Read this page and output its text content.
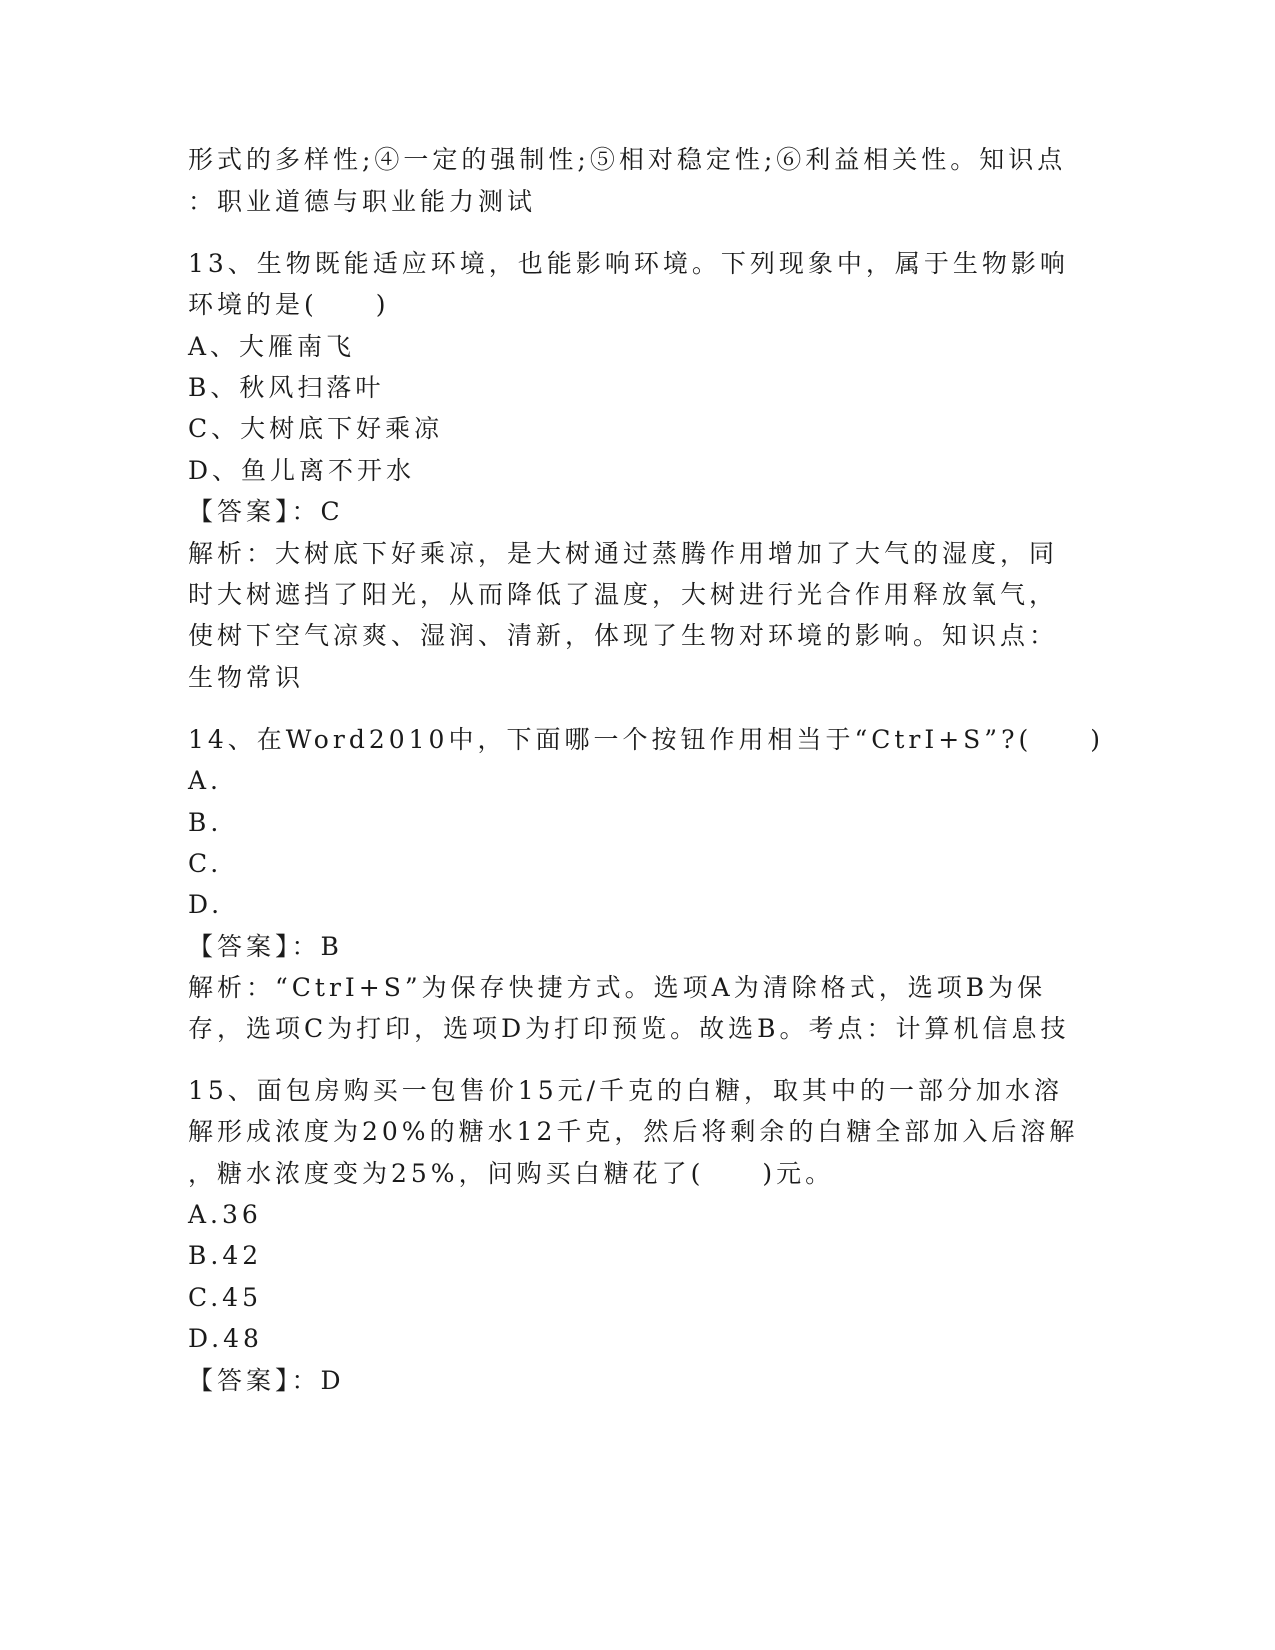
形式的多样性;④一定的强制性;⑤相对稳定性;⑥利益相关性。知识点
：职业道德与职业能力测试
13、生物既能适应环境，也能影响环境。下列现象中，属于生物影响
环境的是(　　)
A、大雁南飞
B、秋风扫落叶
C、大树底下好乘凉
D、鱼儿离不开水
【答案】：C
解析：大树底下好乘凉，是大树通过蒸腾作用增加了大气的湿度，同
时大树遮挡了阳光，从而降低了温度，大树进行光合作用释放氧气，
使树下空气凉爽、湿润、清新，体现了生物对环境的影响。知识点：
生物常识
14、在Word2010中，下面哪一个按钮作用相当于“CtrI+S”?(　　)
A.
B.
C.
D.
【答案】：B
解析：“CtrI+S”为保存快捷方式。选项A为清除格式，选项B为保
存，选项C为打印，选项D为打印预览。故选B。考点：计算机信息技
15、面包房购买一包售价15元/千克的白糖，取其中的一部分加水溶
解形成浓度为20%的糖水12千克，然后将剩余的白糖全部加入后溶解
，糖水浓度变为25%，问购买白糖花了(　　)元。
A.36
B.42
C.45
D.48
【答案】：D
